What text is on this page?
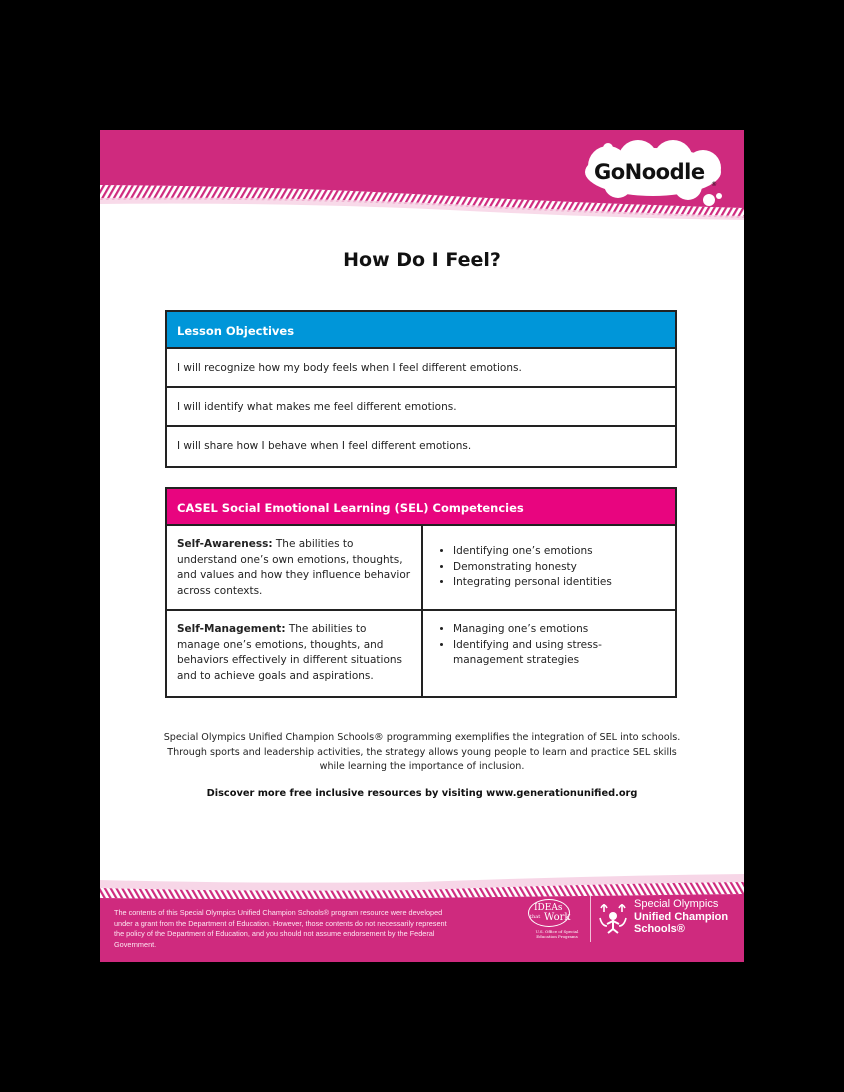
GoNoodle
®
How Do I Feel?
Lesson Objectives
I will recognize how my body feels when I feel different emotions.
I will identify what makes me feel different emotions.
I will share how I behave when I feel different emotions.
CASEL Social Emotional Learning (SEL) Competencies
Self-Awareness: The abilities to understand one’s own emotions, thoughts, and values and how they influence behavior across contexts.
• Identifying one’s emotions
• Demonstrating honesty
• Integrating personal identities
Self-Management: The abilities to manage one’s emotions, thoughts, and behaviors effectively in different situations and to achieve goals and aspirations.
• Managing one’s emotions
• Identifying and using stress-management strategies
Special Olympics Unified Champion Schools® programming exemplifies the integration of SEL into schools. Through sports and leadership activities, the strategy allows young people to learn and practice SEL skills while learning the importance of inclusion.
Discover more free inclusive resources by visiting www.generationunified.org
The contents of this Special Olympics Unified Champion Schools® program resource were developed under a grant from the Department of Education. However, those contents do not necessarily represent the policy of the Department of Education, and you should not assume endorsement by the Federal Government.
IDEAs
that Work
U.S. Office of Special Education Programs
Special Olympics
Unified Champion
Schools®
